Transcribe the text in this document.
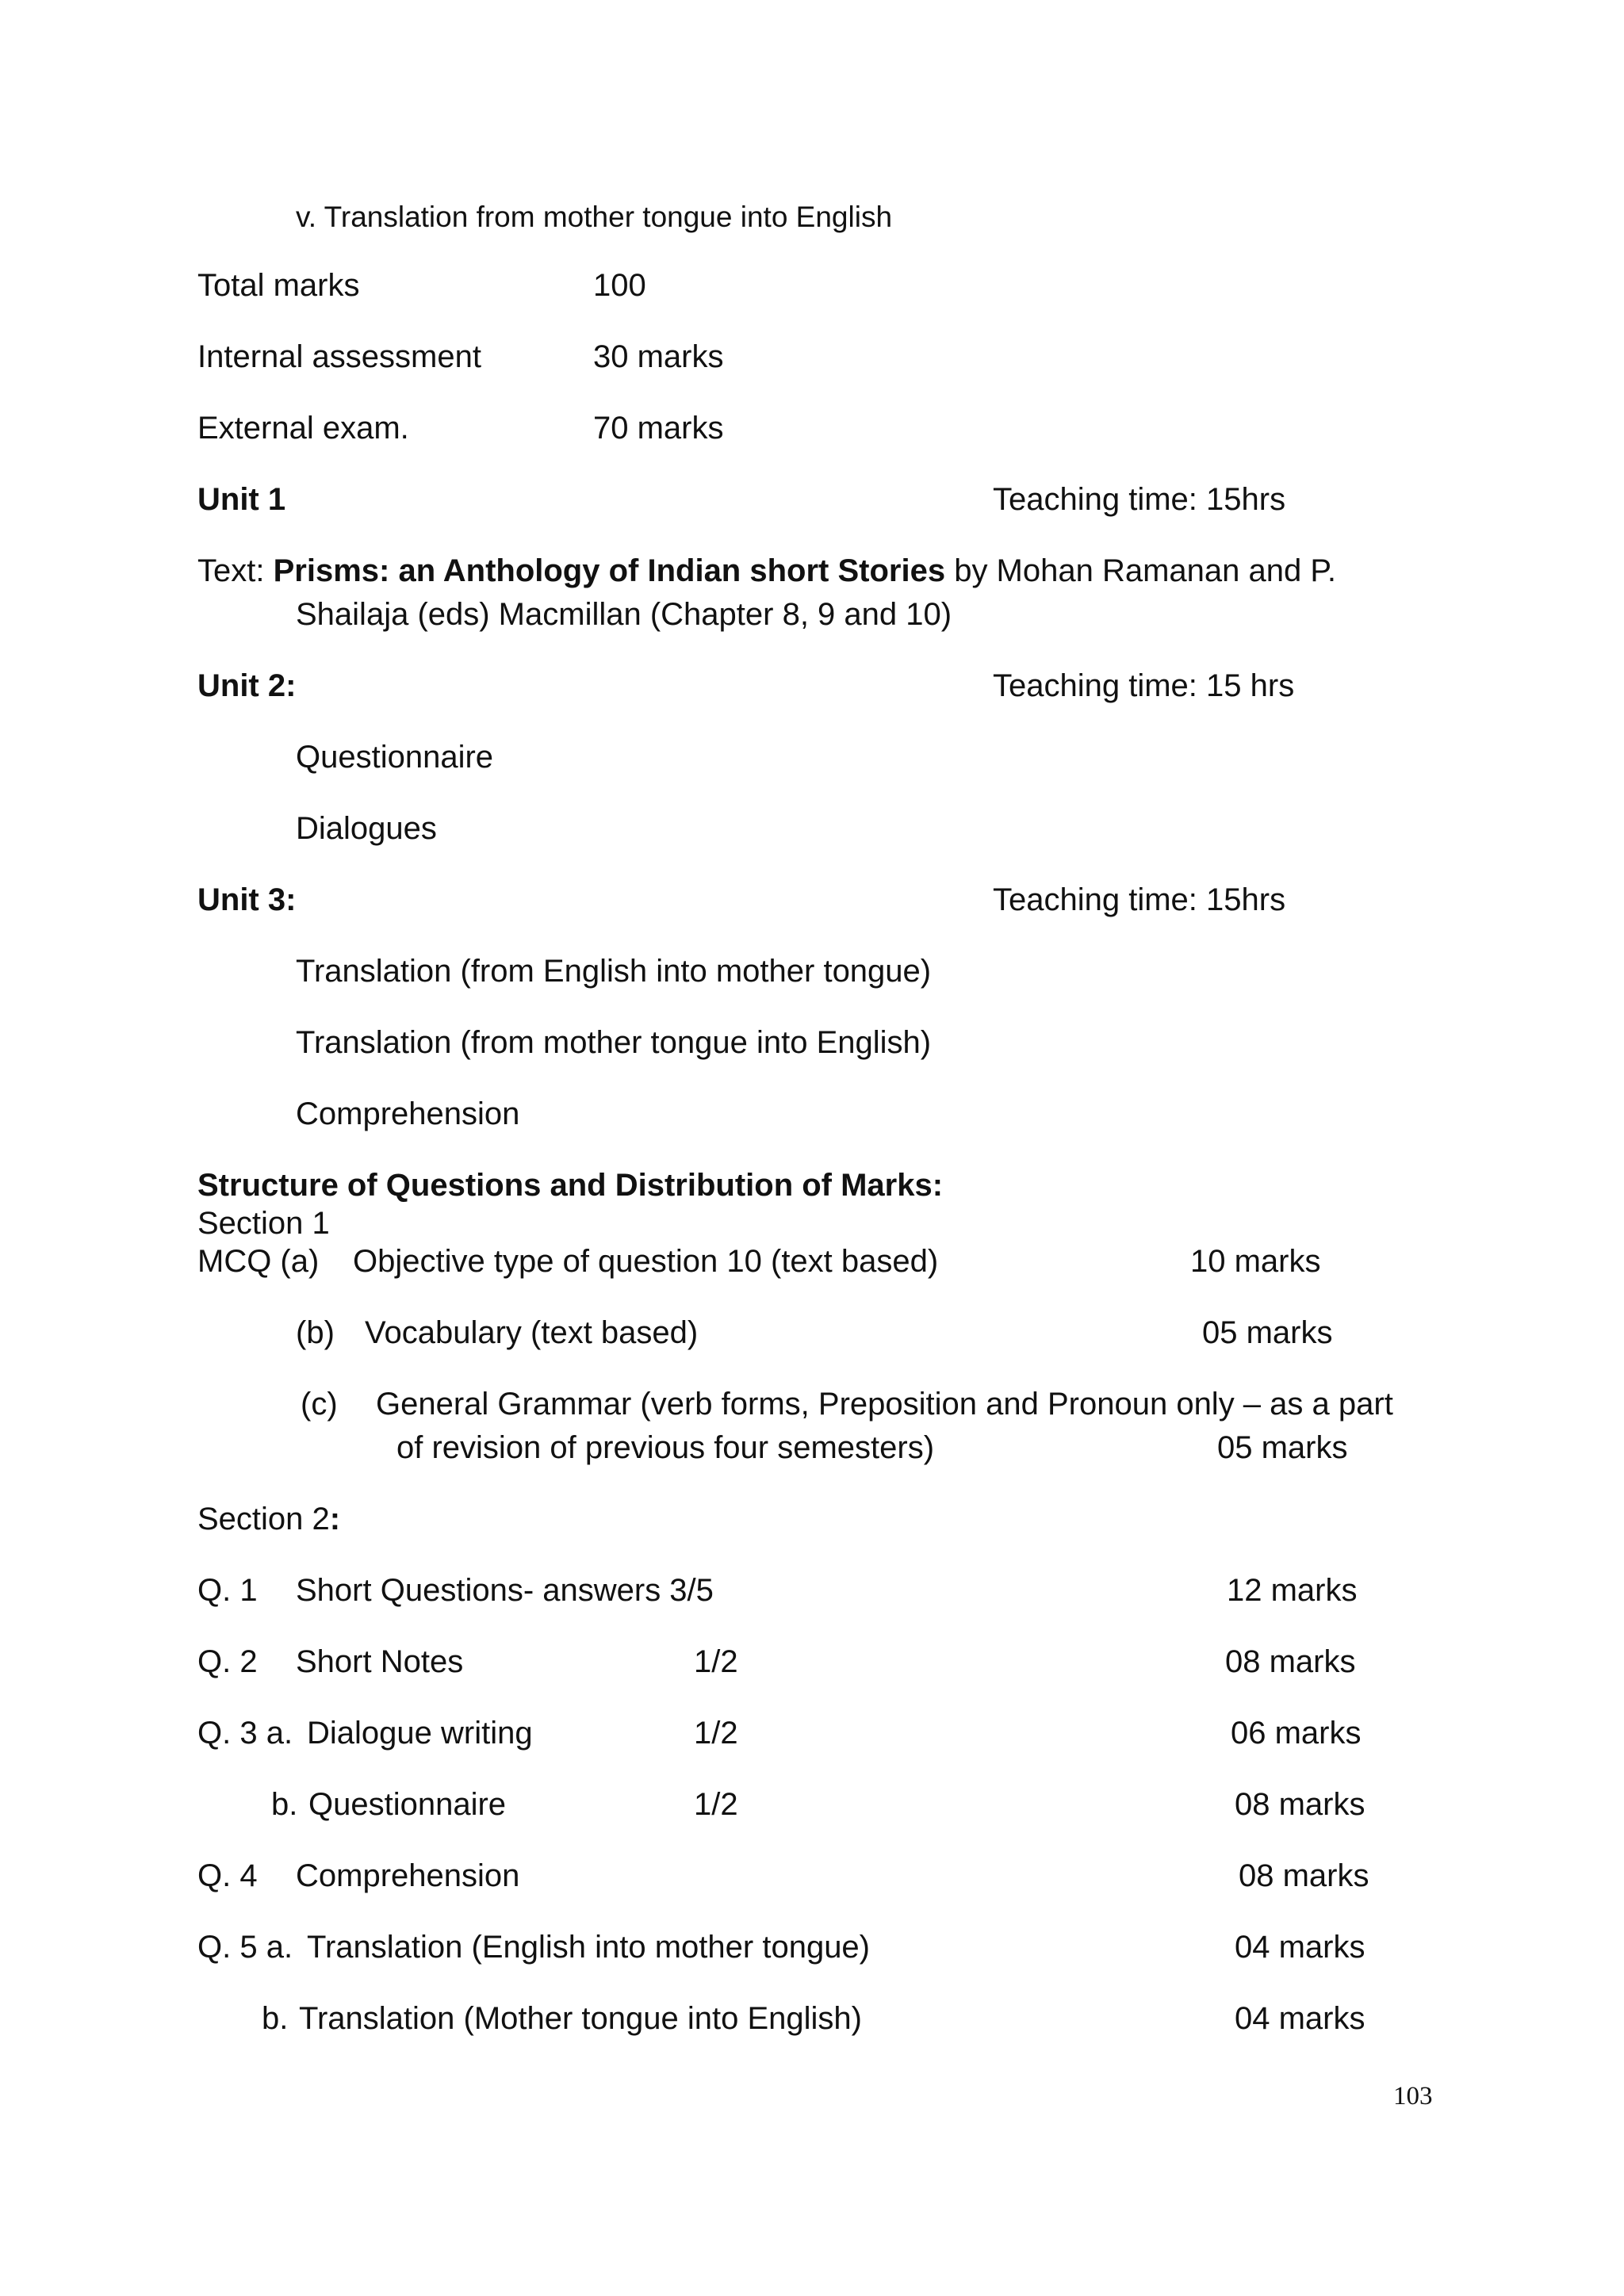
v. Translation from mother tongue into English
Total marks	100
Internal assessment	30 marks
External exam.	70 marks
Unit 1	Teaching time: 15hrs
Text: Prisms: an Anthology of Indian short Stories by Mohan Ramanan and P.
Shailaja (eds) Macmillan (Chapter 8, 9 and 10)
Unit 2:	Teaching time: 15 hrs
Questionnaire
Dialogues
Unit 3:	Teaching time: 15hrs
Translation (from English into mother tongue)
Translation (from mother tongue into English)
Comprehension
Structure of Questions and Distribution of Marks:
Section 1
MCQ (a) Objective type of question 10 (text based)	10 marks
(b) Vocabulary (text based)	05 marks
(c) General Grammar (verb forms, Preposition and Pronoun only – as a part
of revision of previous four semesters)	05 marks
Section 2:
Q. 1 Short Questions- answers 3/5	12 marks
Q. 2 Short Notes	1/2	08 marks
Q. 3 a. Dialogue writing	1/2	06 marks
b. Questionnaire	1/2	08 marks
Q. 4 Comprehension	08 marks
Q. 5 a. Translation (English into mother tongue)	04 marks
b. Translation (Mother tongue into English)	04 marks
103
